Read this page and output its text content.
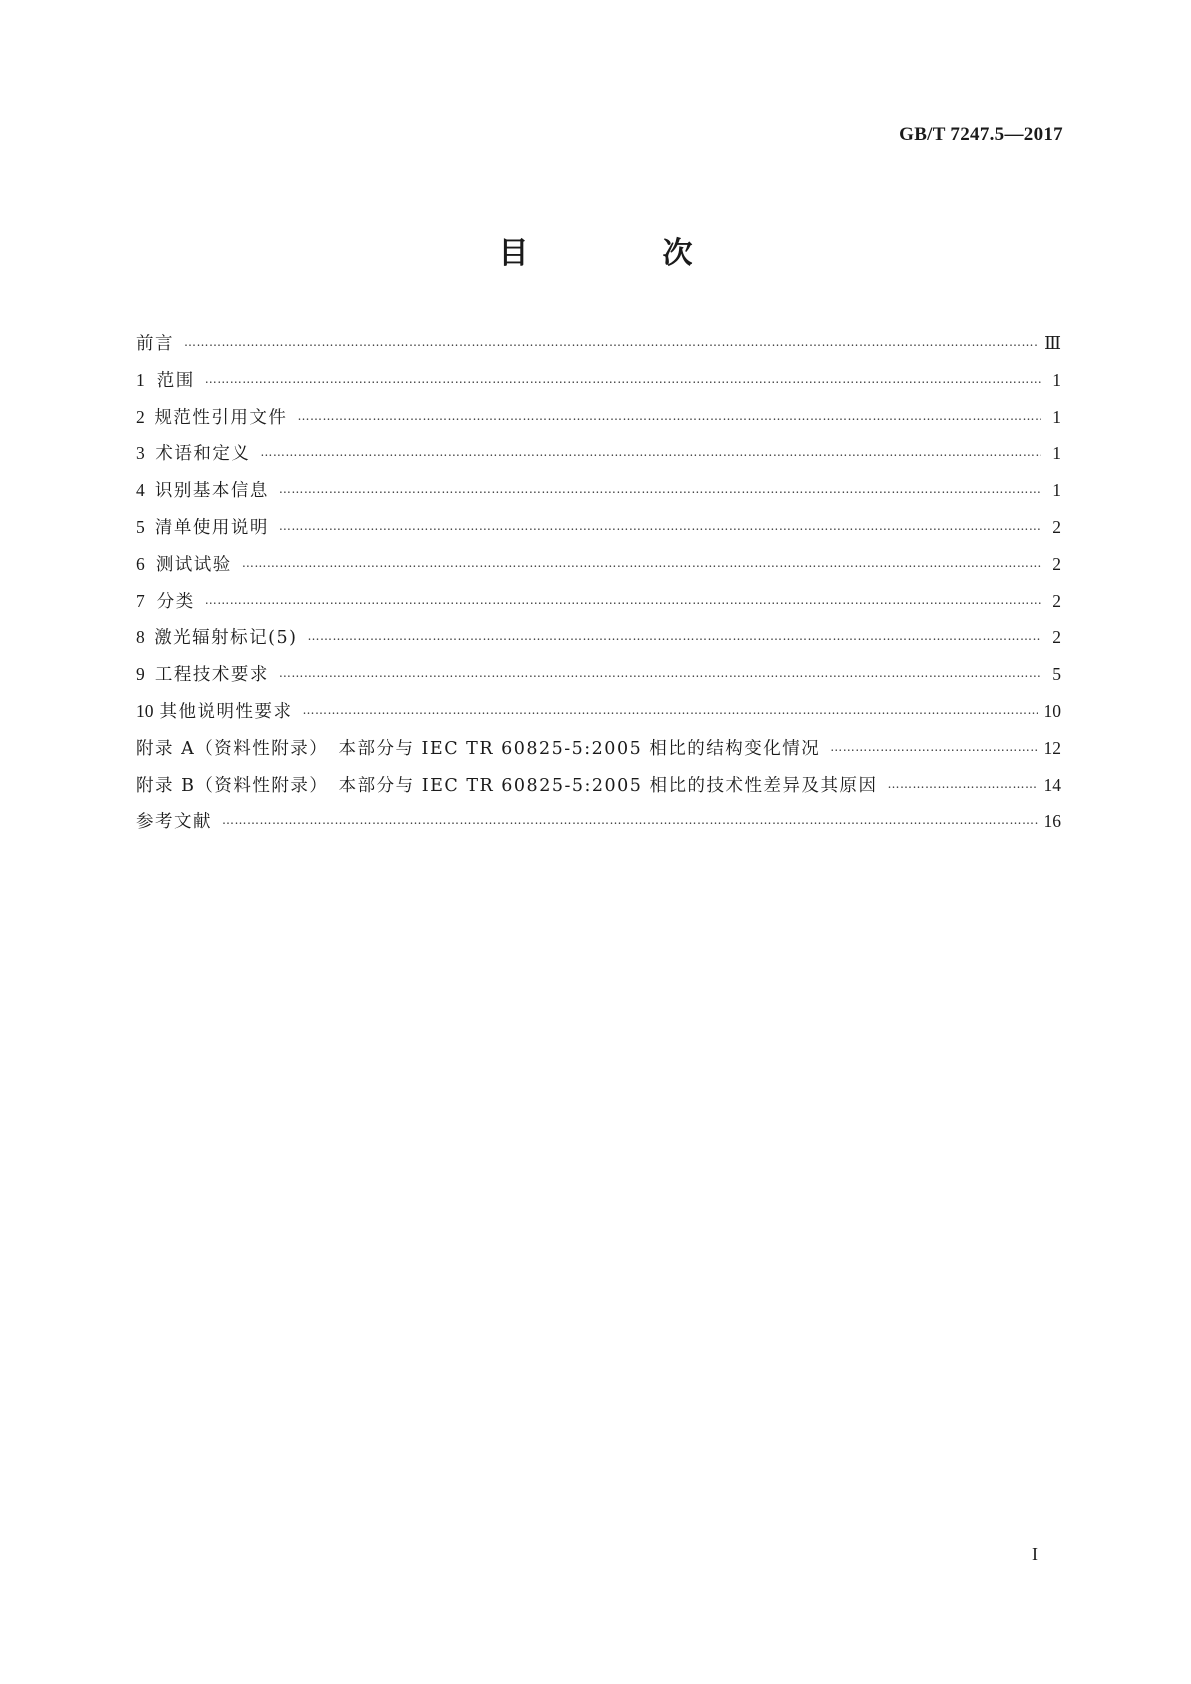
GB/T 7247.5—2017
目　次
前言 …………………………………………………………………………………………………………………………………………………………………………………………………………………………………………………………………………	Ⅲ
1 范围 …………………………………………………………………………………………………………………………………………………………………………………………………………………………………………………………………………	1
2 规范性引用文件 …………………………………………………………………………………………………………………………………………………………………………………………………………………………………………………………………………	1
3 术语和定义 …………………………………………………………………………………………………………………………………………………………………………………………………………………………………………………………………………	1
4 识别基本信息 …………………………………………………………………………………………………………………………………………………………………………………………………………………………………………………………………………	1
5 清单使用说明 …………………………………………………………………………………………………………………………………………………………………………………………………………………………………………………………………………	2
6 测试试验 …………………………………………………………………………………………………………………………………………………………………………………………………………………………………………………………………………	2
7 分类 …………………………………………………………………………………………………………………………………………………………………………………………………………………………………………………………………………	2
8 激光辐射标记(5) …………………………………………………………………………………………………………………………………………………………………………………………………………………………………………………………………………	2
9 工程技术要求 …………………………………………………………………………………………………………………………………………………………………………………………………………………………………………………………………………	5
10 其他说明性要求 …………………………………………………………………………………………………………………………………………………………………………………………………………………………………………………………………………	10
附录 A（资料性附录）　本部分与 IEC TR 60825-5:2005 相比的结构变化情况 …………………………………………………………………………………………………………………………………………………………………………………………………………………………………………………………………………	12
附录 B（资料性附录）　本部分与 IEC TR 60825-5:2005 相比的技术性差异及其原因 …………………………………………………………………………………………………………………………………………………………………………………………………………………………………………………………………………	14
参考文献 …………………………………………………………………………………………………………………………………………………………………………………………………………………………………………………………………………	16
I
